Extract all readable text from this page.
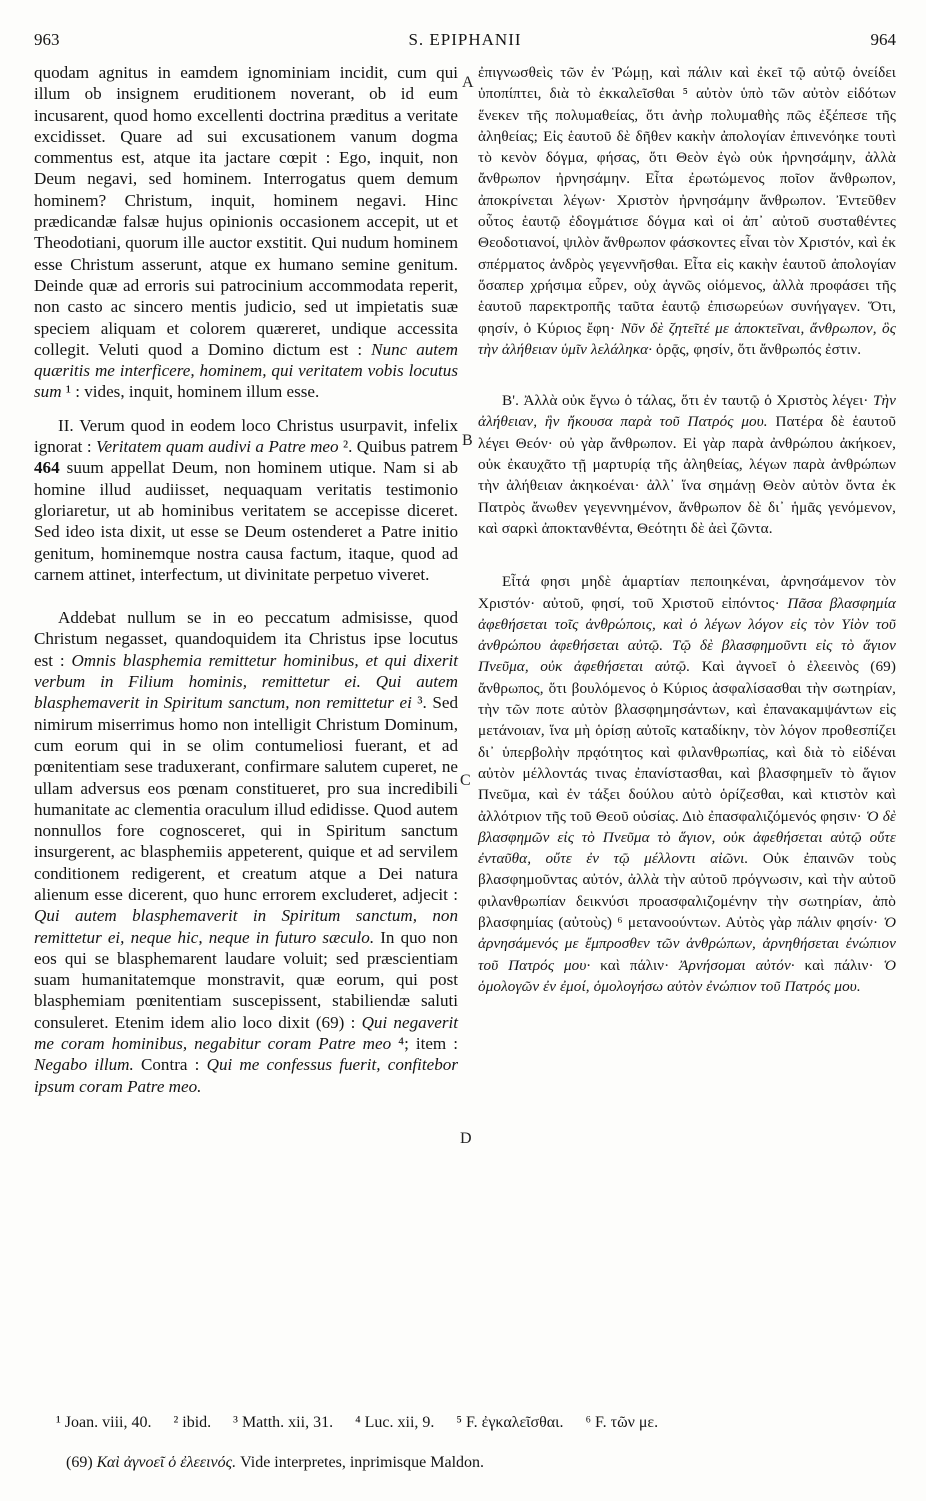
963	S. EPIPHANII	964
A
B
C
D

quodam agnitus in eamdem ignominiam incidit, cum qui illum ob insignem eruditionem noverant, ob id eum incusarent, quod homo excellenti doctrina præditus a veritate excidisset. Quare ad sui excusationem vanum dogma commentus est, atque ita jactare cœpit : Ego, inquit, non Deum negavi, sed hominem. Interrogatus quem demum hominem? Christum, inquit, hominem negavi. Hinc prædicandæ falsæ hujus opinionis occasionem accepit, ut et Theodotiani, quorum ille auctor exstitit. Qui nudum hominem esse Christum asserunt, atque ex humano semine genitum. Deinde quæ ad erroris sui patrocinium accommodata reperit, non casto ac sincero mentis judicio, sed ut impietatis suæ speciem aliquam et colorem quæreret, undique accessita collegit. Veluti quod a Domino dictum est : Nunc autem quæritis me interficere, hominem, qui veritatem vobis locutus sum ¹ : vides, inquit, hominem illum esse.

II. Verum quod in eodem loco Christus usurpavit, infelix ignorat : Veritatem quam audivi a Patre meo ². Quibus patrem 464 suum appellat Deum, non hominem utique. Nam si ab homine illud audiisset, nequaquam veritatis testimonio gloriaretur, ut ab hominibus veritatem se accepisse diceret. Sed ideo ista dixit, ut esse se Deum ostenderet a Patre initio genitum, hominemque nostra causa factum, itaque, quod ad carnem attinet, interfectum, ut divinitate perpetuo viveret.

Addebat nullum se in eo peccatum admisisse, quod Christum negasset, quandoquidem ita Christus ipse locutus est : Omnis blasphemia remittetur hominibus, et qui dixerit verbum in Filium hominis, remittetur ei. Qui autem blasphemaverit in Spiritum sanctum, non remittetur ei ³. Sed nimirum miserrimus homo non intelligit Christum Dominum, cum eorum qui in se olim contumeliosi fuerant, et ad pœnitentiam sese traduxerant, confirmare salutem cuperet, ne ullam adversus eos pœnam constitueret, pro sua incredibili humanitate ac clementia oraculum illud edidisse. Quod autem nonnullos fore cognosceret, qui in Spiritum sanctum insurgerent, ac blasphemiis appeterent, quique et ad servilem conditionem redigerent, et creatum atque a Dei natura alienum esse dicerent, quo hunc errorem excluderet, adjecit : Qui autem blasphemaverit in Spiritum sanctum, non remittetur ei, neque hic, neque in futuro sæculo. In quo non eos qui se blasphemarent laudare voluit; sed præscientiam suam humanitatemque monstravit, quæ eorum, qui post blasphemiam pœnitentiam suscepissent, stabiliendæ saluti consuleret. Etenim idem alio loco dixit (69) : Qui negaverit me coram hominibus, negabitur coram Patre meo ⁴; item : Negabo illum. Contra : Qui me confessus fuerit, confitebor ipsum coram Patre meo.

ἐπιγνωσθεὶς τῶν ἐν Ῥώμῃ, καὶ πάλιν καὶ ἐκεῖ τῷ αὐτῷ ὀνείδει ὑποπίπτει, διὰ τὸ ἐκκαλεῖσθαι ⁵ αὐτὸν ὑπὸ τῶν αὐτὸν εἰδότων ἕνεκεν τῆς πολυμαθείας, ὅτι ἀνὴρ πολυμαθὴς πῶς ἐξέπεσε τῆς ἀληθείας; Εἰς ἑαυτοῦ δὲ δῆθεν κακὴν ἀπολογίαν ἐπινενόηκε τουτὶ τὸ κενὸν δόγμα, φήσας, ὅτι Θεὸν ἐγὼ οὐκ ἠρνησάμην, ἀλλὰ ἄνθρωπον ἠρνησάμην. Εἶτα ἐρωτώμενος ποῖον ἄνθρωπον, ἀποκρίνεται λέγων· Χριστὸν ἠρνησάμην ἄνθρωπον. Ἐντεῦθεν οὗτος ἑαυτῷ ἐδογμάτισε δόγμα καὶ οἱ ἀπ᾽ αὐτοῦ συσταθέντες Θεοδοτιανοί, ψιλὸν ἄνθρωπον φάσκοντες εἶναι τὸν Χριστόν, καὶ ἐκ σπέρματος ἀνδρὸς γεγεννῆσθαι. Εἶτα εἰς κακὴν ἑαυτοῦ ἀπολογίαν ὅσαπερ χρήσιμα εὗρεν, οὐχ ἁγνῶς οἰόμενος, ἀλλὰ προφάσει τῆς ἑαυτοῦ παρεκτροπῆς ταῦτα ἑαυτῷ ἐπισωρεύων συνήγαγεν. Ὅτι, φησίν, ὁ Κύριος ἔφη· Νῦν δὲ ζητεῖτέ με ἀποκτεῖναι, ἄνθρωπον, ὃς τὴν ἀλήθειαν ὑμῖν λελάληκα· ὁρᾷς, φησίν, ὅτι ἄνθρωπός ἐστιν.

Β'. Ἀλλὰ οὐκ ἔγνω ὁ τάλας, ὅτι ἐν ταυτῷ ὁ Χριστὸς λέγει· Τὴν ἀλήθειαν, ἣν ἤκουσα παρὰ τοῦ Πατρός μου. Πατέρα δὲ ἑαυτοῦ λέγει Θεόν· οὐ γὰρ ἄνθρωπον. Εἰ γὰρ παρὰ ἀνθρώπου ἀκήκοεν, οὐκ ἐκαυχᾶτο τῇ μαρτυρίᾳ τῆς ἀληθείας, λέγων παρὰ ἀνθρώπων τὴν ἀλήθειαν ἀκηκοέναι· ἀλλ᾽ ἵνα σημάνῃ Θεὸν αὐτὸν ὄντα ἐκ Πατρὸς ἄνωθεν γεγεννημένον, ἄνθρωπον δὲ δι᾽ ἡμᾶς γενόμενον, καὶ σαρκὶ ἀποκτανθέντα, Θεότητι δὲ ἀεὶ ζῶντα.

Εἶτά φησι μηδὲ ἁμαρτίαν πεποιηκέναι, ἀρνησάμενον τὸν Χριστόν· αὐτοῦ, φησί, τοῦ Χριστοῦ εἰπόντος· Πᾶσα βλασφημία ἀφεθήσεται τοῖς ἀνθρώποις, καὶ ὁ λέγων λόγον εἰς τὸν Υἱὸν τοῦ ἀνθρώπου ἀφεθήσεται αὐτῷ. Τῷ δὲ βλασφημοῦντι εἰς τὸ ἅγιον Πνεῦμα, οὐκ ἀφεθήσεται αὐτῷ. Καὶ ἀγνοεῖ ὁ ἐλεεινὸς (69) ἄνθρωπος, ὅτι βουλόμενος ὁ Κύριος ἀσφαλίσασθαι τὴν σωτηρίαν, τὴν τῶν ποτε αὐτὸν βλασφημησάντων, καὶ ἐπανακαμψάντων εἰς μετάνοιαν, ἵνα μὴ ὁρίσῃ αὐτοῖς καταδίκην, τὸν λόγον προθεσπίζει δι᾽ ὑπερβολὴν πρᾳότητος καὶ φιλανθρωπίας, καὶ διὰ τὸ εἰδέναι αὐτὸν μέλλοντάς τινας ἐπανίστασθαι, καὶ βλασφημεῖν τὸ ἅγιον Πνεῦμα, καὶ ἐν τάξει δούλου αὐτὸ ὁρίζεσθαι, καὶ κτιστὸν καὶ ἀλλότριον τῆς τοῦ Θεοῦ οὐσίας. Διὸ ἐπασφαλιζόμενός φησιν· Ὁ δὲ βλασφημῶν εἰς τὸ Πνεῦμα τὸ ἅγιον, οὐκ ἀφεθήσεται αὐτῷ οὔτε ἐνταῦθα, οὔτε ἐν τῷ μέλλοντι αἰῶνι. Οὐκ ἐπαινῶν τοὺς βλασφημοῦντας αὐτόν, ἀλλὰ τὴν αὐτοῦ πρόγνωσιν, καὶ τὴν αὐτοῦ φιλανθρωπίαν δεικνύσι προασφαλιζομένην τὴν σωτηρίαν, ἀπὸ βλασφημίας (αὐτοὺς) ⁶ μετανοούντων. Αὐτὸς γὰρ πάλιν φησίν· Ὁ ἀρνησάμενός με ἔμπροσθεν τῶν ἀνθρώπων, ἀρνηθήσεται ἐνώπιον τοῦ Πατρός μου· καὶ πάλιν· Ἀρνήσομαι αὐτόν· καὶ πάλιν· Ὁ ὁμολογῶν ἐν ἐμοί, ὁμολογήσω αὐτὸν ἐνώπιον τοῦ Πατρός μου.

¹ Joan. viii, 40. ² ibid. ³ Matth. xii, 31. ⁴ Luc. xii, 9. ⁵ F. ἐγκαλεῖσθαι. ⁶ F. τῶν με.
(69) Καὶ ἀγνοεῖ ὁ ἐλεεινός. Vide interpretes, inprimisque Maldon.
